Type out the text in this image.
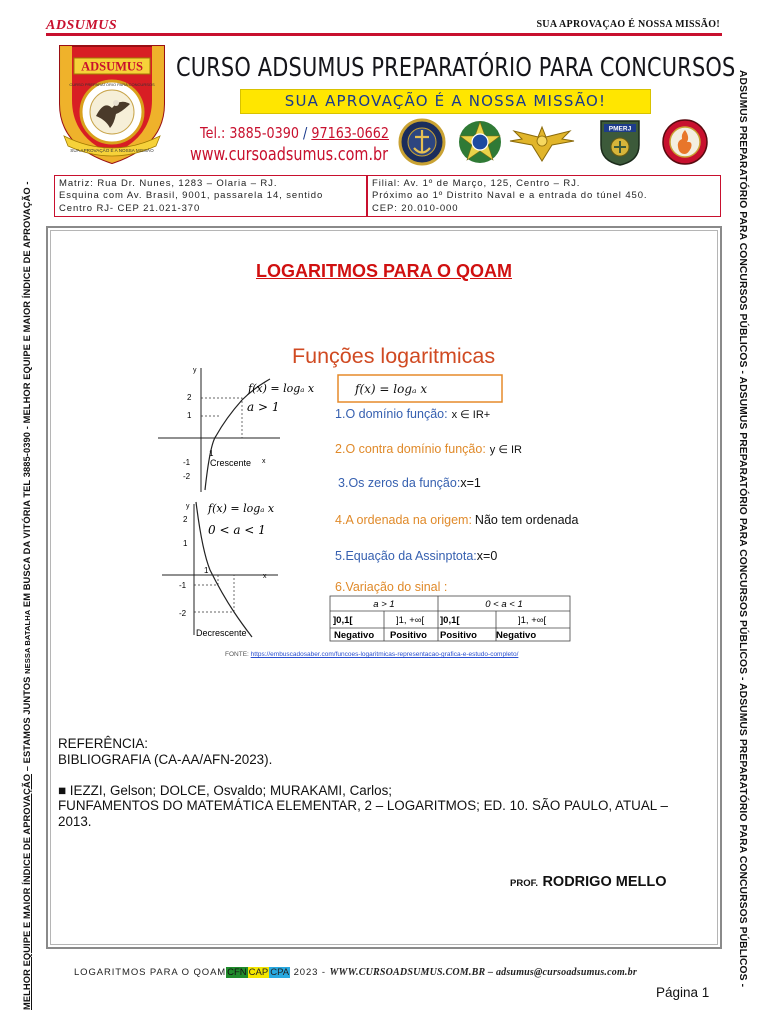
ADSUMUS	SUA APROVAÇAO É NOSSA MISSÃO!
ADSUMUS
SUA APROVAÇÃO É A NOSSA MISSÃO
CURSO PREPARATÓRIO PARA CONCURSOS
CURSO ADSUMUS PREPARATÓRIO PARA CONCURSOS
SUA APROVAÇÃO É A NOSSA MISSÃO!
Tel.: 3885-0390 / 97163-0662
www.cursoadsumus.com.br
PMERJ
Matriz: Rua Dr. Nunes, 1283 – Olaria – RJ.
Esquina com Av. Brasil, 9001, passarela 14, sentido
Centro RJ- CEP 21.021-370
Filial: Av. 1º de Março, 125, Centro – RJ.
Próximo ao 1º Distrito Naval e a entrada do túnel 450.
CEP: 20.010-000
MELHOR EQUIPE E MAIOR ÍNDICE DE APROVAÇÃO – ESTAMOS JUNTOS NESSA BATALHA EM BUSCA DA VITÓRIA TEL 3885-0390 - MELHOR EQUIPE E MAIOR ÍNDICE DE APROVAÇÃO -	ADSUMUS PREPARATÓRIO PARA CONCURSOS PÚBLICOS - ADSUMUS PREPARATÓRIO PARA CONCURSOS PÚBLICOS - ADSUMUS PREPARATÓRIO PARA CONCURSOS PÚBLICOS -
LOGARITMOS PARA O QOAM
Funções logaritmicas
f(x) = logₐ x
y
x
2
1
-1
-2
1
f(x) = logₐ x
a > 1
Crescente
y
x
2
1
-1
-2
1
f(x) = logₐ x
0 < a < 1
Decrescente
1.O domínio função: x ∈ IR+
2.O contra domínio função: y ∈ IR
3.Os zeros da função:x=1
4.A ordenada na origem: Não tem ordenada
5.Equação da Assinptota:x=0
6.Variação do sinal :
a > 1	0 < a < 1
]0,1[	]1, +∞[ ]0,1[	]1, +∞[
Negativo Positivo Positivo Negativo
FONTE: https://embuscadosaber.com/funcoes-logaritmicas-representacao-grafica-e-estudo-completo/

REFERÊNCIA:

BIBLIOGRAFIA (CA-AA/AFN-2023).

■ IEZZI, Gelson; DOLCE, Osvaldo; MURAKAMI, Carlos;

FUNFAMENTOS DO MATEMÁTICA ELEMENTAR, 2 – LOGARITMOS; ED. 10. SÃO PAULO, ATUAL –

2013.

PROF. RODRIGO MELLO
LOGARITMOS PARA O QOAMCFN CAP CPA 2023 - WWW.CURSOADSUMUS.COM.BR – adsumus@cursoadsumus.com.br
Página 1
